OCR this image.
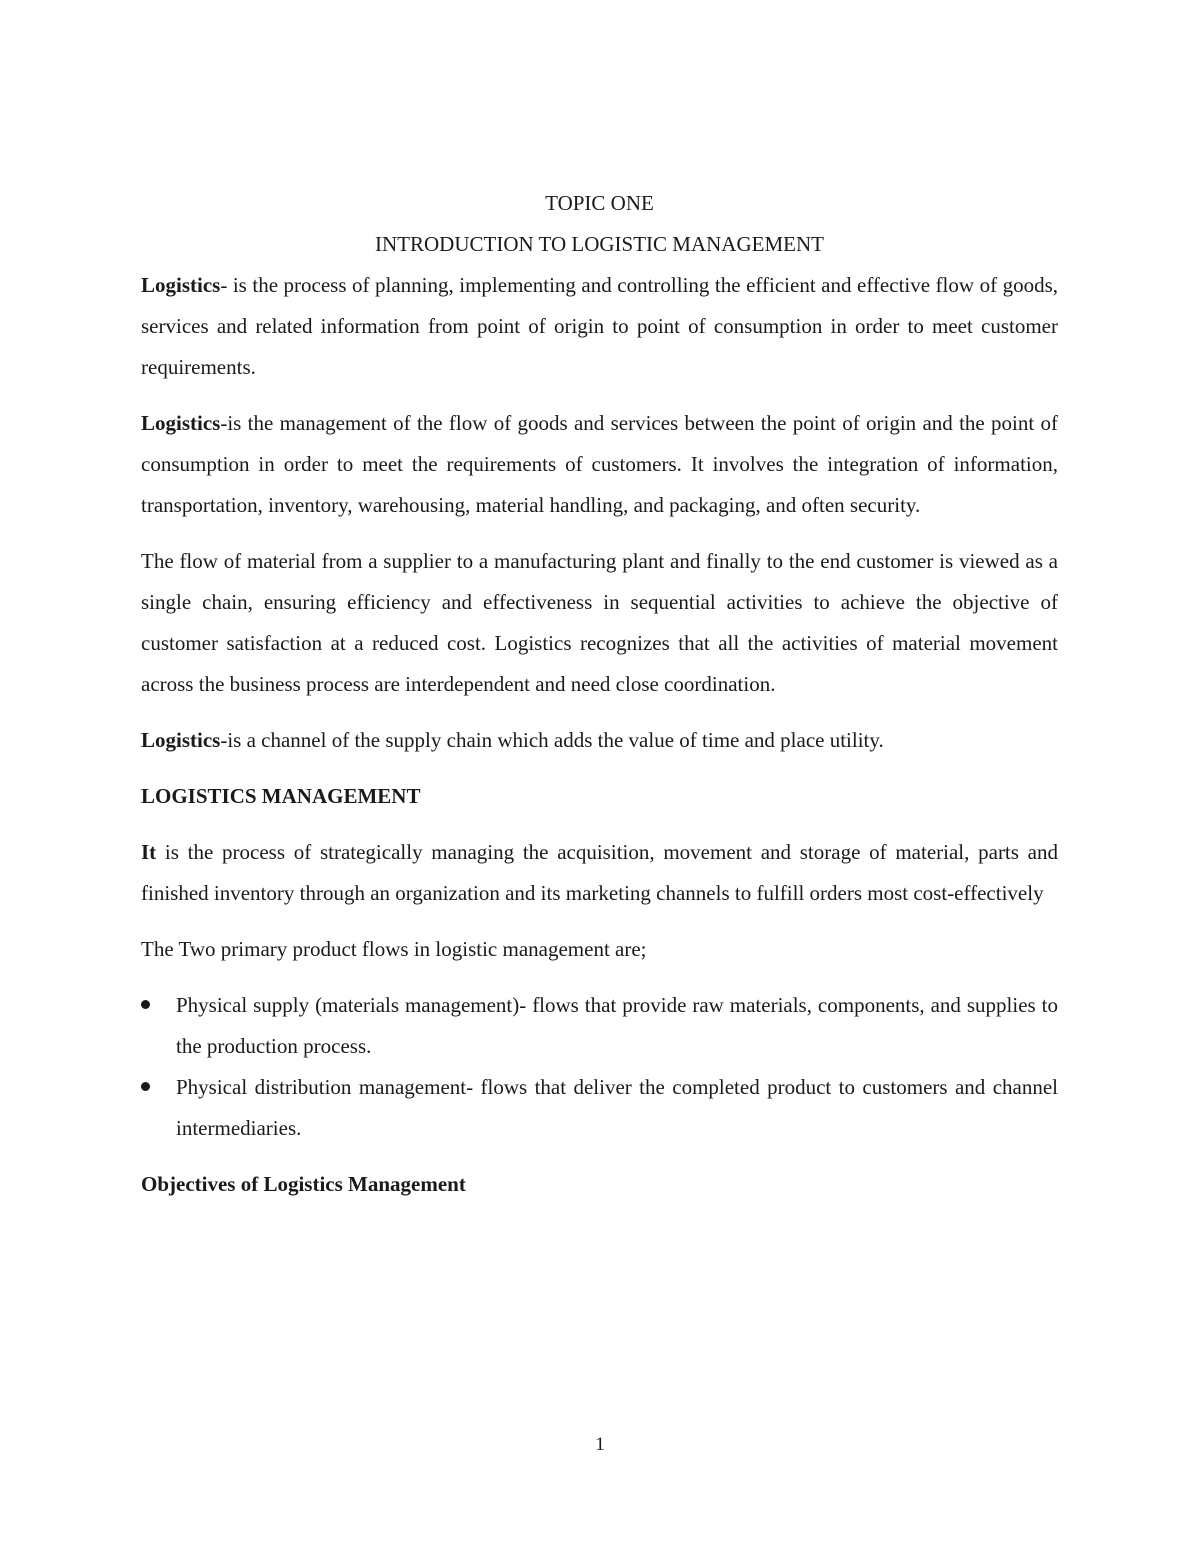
TOPIC ONE

INTRODUCTION TO LOGISTIC MANAGEMENT

Logistics- is the process of planning, implementing and controlling the efficient and effective flow of goods, services and related information from point of origin to point of consumption in order to meet customer requirements.

Logistics-is the management of the flow of goods and services between the point of origin and the point of consumption in order to meet the requirements of customers. It involves the integration of information, transportation, inventory, warehousing, material handling, and packaging, and often security.

The flow of material from a supplier to a manufacturing plant and finally to the end customer is viewed as a single chain, ensuring efficiency and effectiveness in sequential activities to achieve the objective of customer satisfaction at a reduced cost. Logistics recognizes that all the activities of material movement across the business process are interdependent and need close coordination.

Logistics-is a channel of the supply chain which adds the value of time and place utility.

LOGISTICS MANAGEMENT

It is the process of strategically managing the acquisition, movement and storage of material, parts and finished inventory through an organization and its marketing channels to fulfill orders most cost-effectively

The Two primary product flows in logistic management are;

Physical supply (materials management)- flows that provide raw materials, components, and supplies to the production process.
Physical distribution management- flows that deliver the completed product to customers and channel intermediaries.

Objectives of Logistics Management

1
